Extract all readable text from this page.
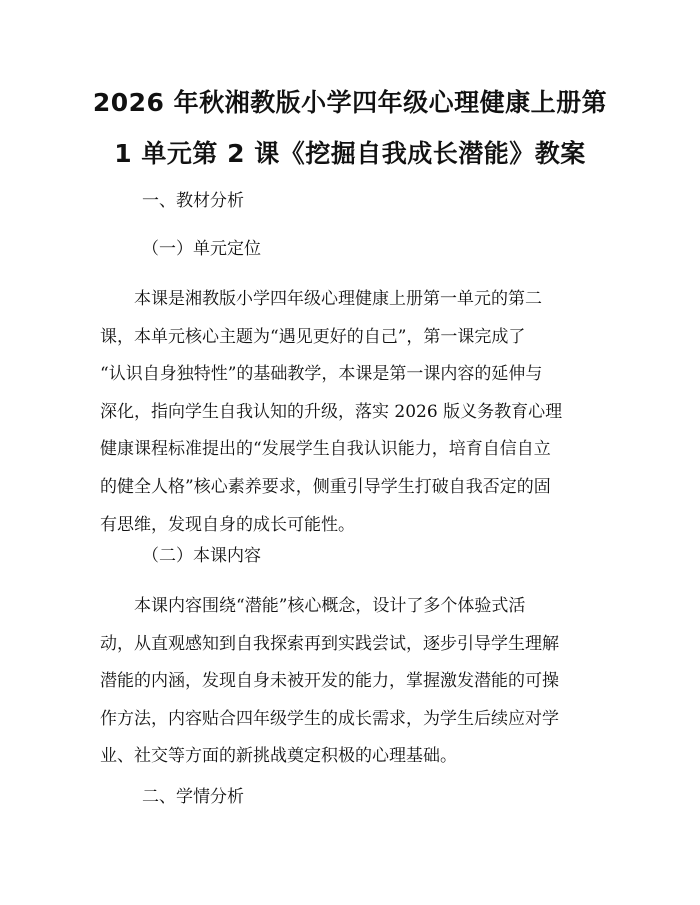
2026 年秋湘教版小学四年级心理健康上册第
1 单元第 2 课《挖掘自我成长潜能》教案
一、教材分析
（一）单元定位
　　本课是湘教版小学四年级心理健康上册第一单元的第二
课，本单元核心主题为“遇见更好的自己”，第一课完成了
“认识自身独特性”的基础教学，本课是第一课内容的延伸与
深化，指向学生自我认知的升级，落实 2026 版义务教育心理
健康课程标准提出的“发展学生自我认识能力，培育自信自立
的健全人格”核心素养要求，侧重引导学生打破自我否定的固
有思维，发现自身的成长可能性。
（二）本课内容
　　本课内容围绕“潜能”核心概念，设计了多个体验式活
动，从直观感知到自我探索再到实践尝试，逐步引导学生理解
潜能的内涵，发现自身未被开发的能力，掌握激发潜能的可操
作方法，内容贴合四年级学生的成长需求，为学生后续应对学
业、社交等方面的新挑战奠定积极的心理基础。
二、学情分析
